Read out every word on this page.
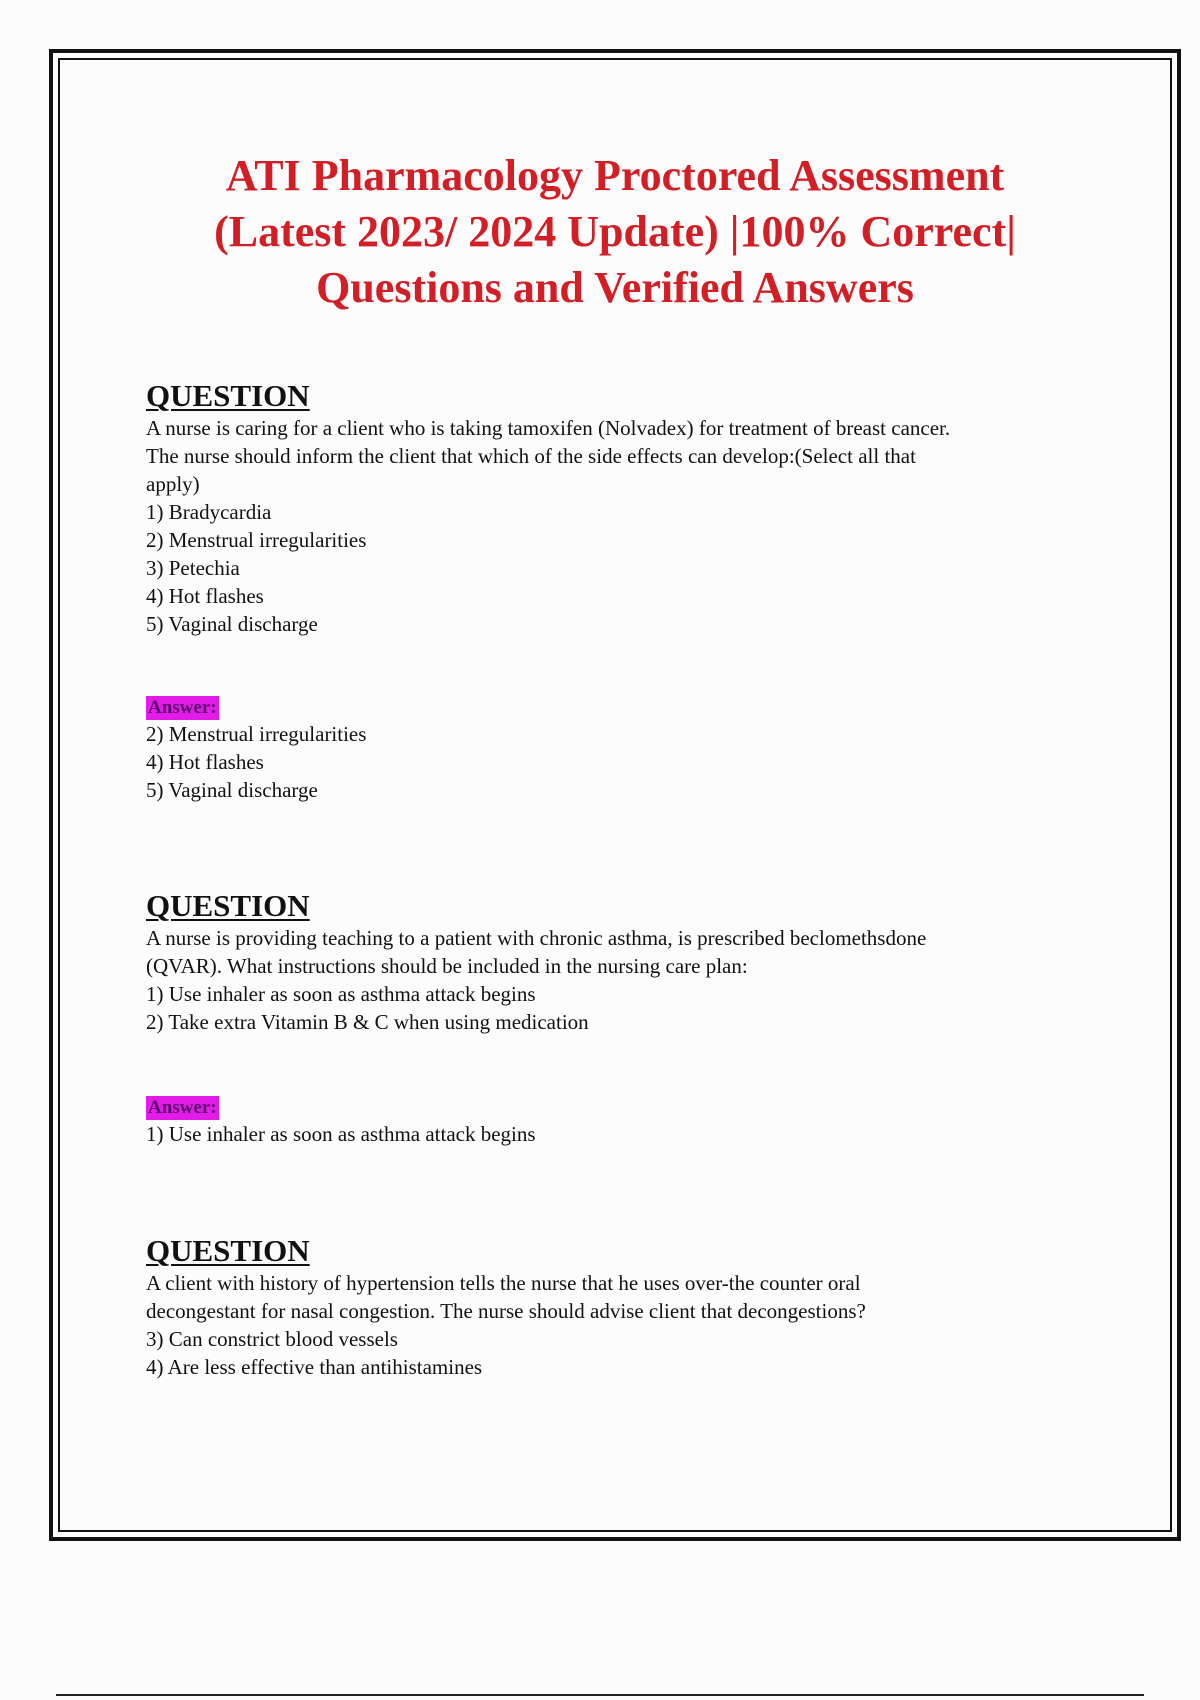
ATI Pharmacology Proctored Assessment
(Latest 2023/ 2024 Update) |100% Correct|
Questions and Verified Answers
QUESTION

A nurse is caring for a client who is taking tamoxifen (Nolvadex) for treatment of breast cancer.
The nurse should inform the client that which of the side effects can develop:(Select all that
apply)

1) Bradycardia
2) Menstrual irregularities
3) Petechia
4) Hot flashes
5) Vaginal discharge
Answer:
2) Menstrual irregularities
4) Hot flashes
5) Vaginal discharge
QUESTION

A nurse is providing teaching to a patient with chronic asthma, is prescribed beclomethsdone
(QVAR). What instructions should be included in the nursing care plan:

1) Use inhaler as soon as asthma attack begins
2) Take extra Vitamin B & C when using medication
Answer:
1) Use inhaler as soon as asthma attack begins
QUESTION

A client with history of hypertension tells the nurse that he uses over-the counter oral
decongestant for nasal congestion. The nurse should advise client that decongestions?

3) Can constrict blood vessels
4) Are less effective than antihistamines
